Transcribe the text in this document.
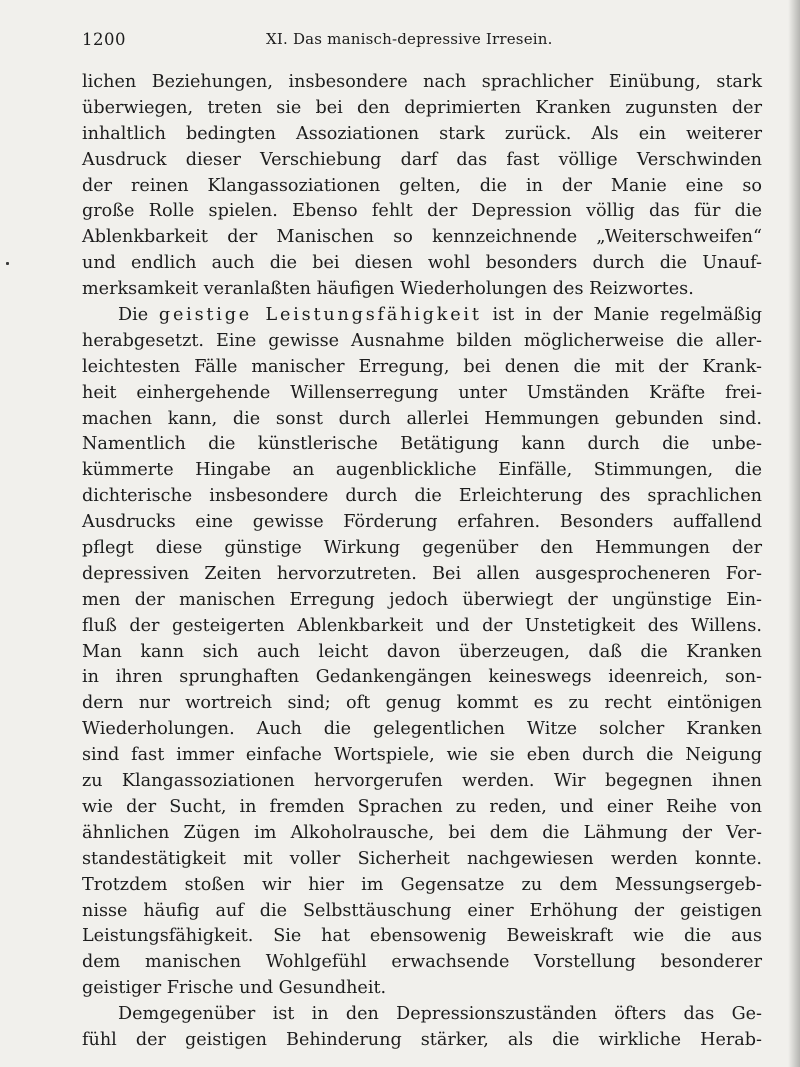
1200	XI. Das manisch-depressive Irresein.
lichen Beziehungen, insbesondere nach sprachlicher Einübung, stark
überwiegen, treten sie bei den deprimierten Kranken zugunsten der
inhaltlich bedingten Assoziationen stark zurück. Als ein weiterer
Ausdruck dieser Verschiebung darf das fast völlige Verschwinden
der reinen Klangassoziationen gelten, die in der Manie eine so
große Rolle spielen. Ebenso fehlt der Depression völlig das für die
Ablenkbarkeit der Manischen so kennzeichnende „Weiterschweifen“
und endlich auch die bei diesen wohl besonders durch die Unauf-
merksamkeit veranlaßten häufigen Wiederholungen des Reizwortes.
Die geistige Leistungsfähigkeit ist in der Manie regelmäßig
herabgesetzt. Eine gewisse Ausnahme bilden möglicherweise die aller-
leichtesten Fälle manischer Erregung, bei denen die mit der Krank-
heit einhergehende Willenserregung unter Umständen Kräfte frei-
machen kann, die sonst durch allerlei Hemmungen gebunden sind.
Namentlich die künstlerische Betätigung kann durch die unbe-
kümmerte Hingabe an augenblickliche Einfälle, Stimmungen, die
dichterische insbesondere durch die Erleichterung des sprachlichen
Ausdrucks eine gewisse Förderung erfahren. Besonders auffallend
pflegt diese günstige Wirkung gegenüber den Hemmungen der
depressiven Zeiten hervorzutreten. Bei allen ausgesprocheneren For-
men der manischen Erregung jedoch überwiegt der ungünstige Ein-
fluß der gesteigerten Ablenkbarkeit und der Unstetigkeit des Willens.
Man kann sich auch leicht davon überzeugen, daß die Kranken
in ihren sprunghaften Gedankengängen keineswegs ideenreich, son-
dern nur wortreich sind; oft genug kommt es zu recht eintönigen
Wiederholungen. Auch die gelegentlichen Witze solcher Kranken
sind fast immer einfache Wortspiele, wie sie eben durch die Neigung
zu Klangassoziationen hervorgerufen werden. Wir begegnen ihnen
wie der Sucht, in fremden Sprachen zu reden, und einer Reihe von
ähnlichen Zügen im Alkoholrausche, bei dem die Lähmung der Ver-
standestätigkeit mit voller Sicherheit nachgewiesen werden konnte.
Trotzdem stoßen wir hier im Gegensatze zu dem Messungsergeb-
nisse häufig auf die Selbsttäuschung einer Erhöhung der geistigen
Leistungsfähigkeit. Sie hat ebensowenig Beweiskraft wie die aus
dem manischen Wohlgefühl erwachsende Vorstellung besonderer
geistiger Frische und Gesundheit.
Demgegenüber ist in den Depressionszuständen öfters das Ge-
fühl der geistigen Behinderung stärker, als die wirkliche Herab-
